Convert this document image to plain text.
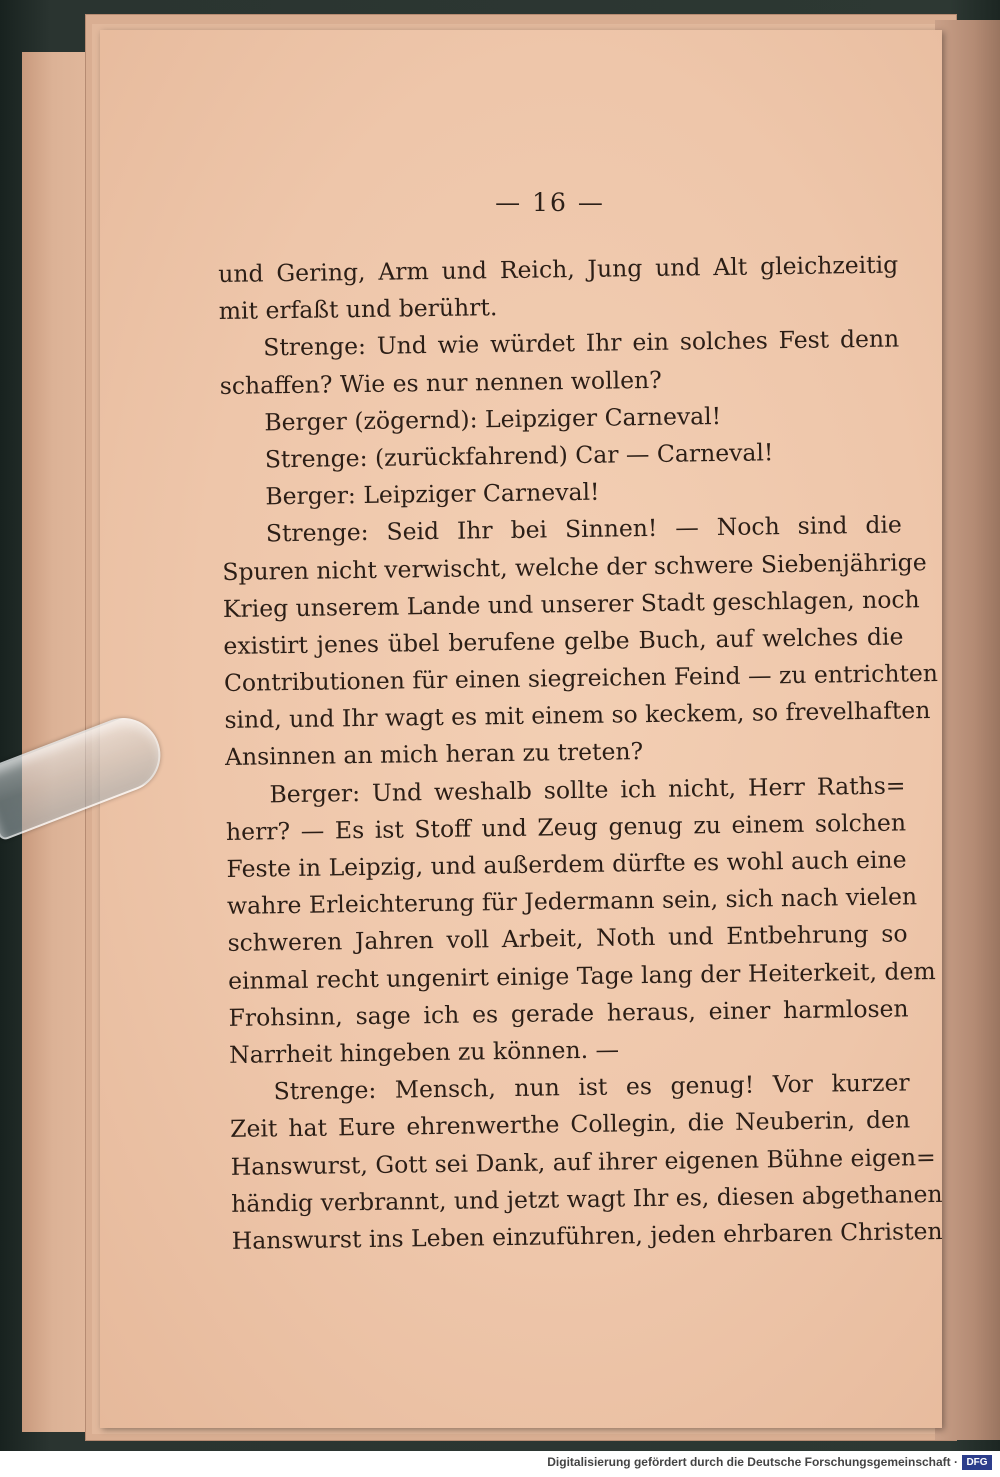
— 16 —
und Gering, Arm und Reich, Jung und Alt gleichzeitig
mit erfaßt und berührt.
Strenge: Und wie würdet Ihr ein solches Fest denn
schaffen? Wie es nur nennen wollen?
Berger (zögernd): Leipziger Carneval!
Strenge: (zurückfahrend) Car — Carneval!
Berger: Leipziger Carneval!
Strenge: Seid Ihr bei Sinnen! — Noch sind die
Spuren nicht verwischt, welche der schwere Siebenjährige
Krieg unserem Lande und unserer Stadt geschlagen, noch
existirt jenes übel berufene gelbe Buch, auf welches die
Contributionen für einen siegreichen Feind — zu entrichten
sind, und Ihr wagt es mit einem so keckem, so frevelhaften
Ansinnen an mich heran zu treten?
Berger: Und weshalb sollte ich nicht, Herr Raths=
herr? — Es ist Stoff und Zeug genug zu einem solchen
Feste in Leipzig, und außerdem dürfte es wohl auch eine
wahre Erleichterung für Jedermann sein, sich nach vielen
schweren Jahren voll Arbeit, Noth und Entbehrung so
einmal recht ungenirt einige Tage lang der Heiterkeit, dem
Frohsinn, sage ich es gerade heraus, einer harmlosen
Narrheit hingeben zu können. —
Strenge: Mensch, nun ist es genug! Vor kurzer
Zeit hat Eure ehrenwerthe Collegin, die Neuberin, den
Hanswurst, Gott sei Dank, auf ihrer eigenen Bühne eigen=
händig verbrannt, und jetzt wagt Ihr es, diesen abgethanen
Hanswurst ins Leben einzuführen, jeden ehrbaren Christen
Digitalisierung gefördert durch die Deutsche Forschungsgemeinschaft · DFG
